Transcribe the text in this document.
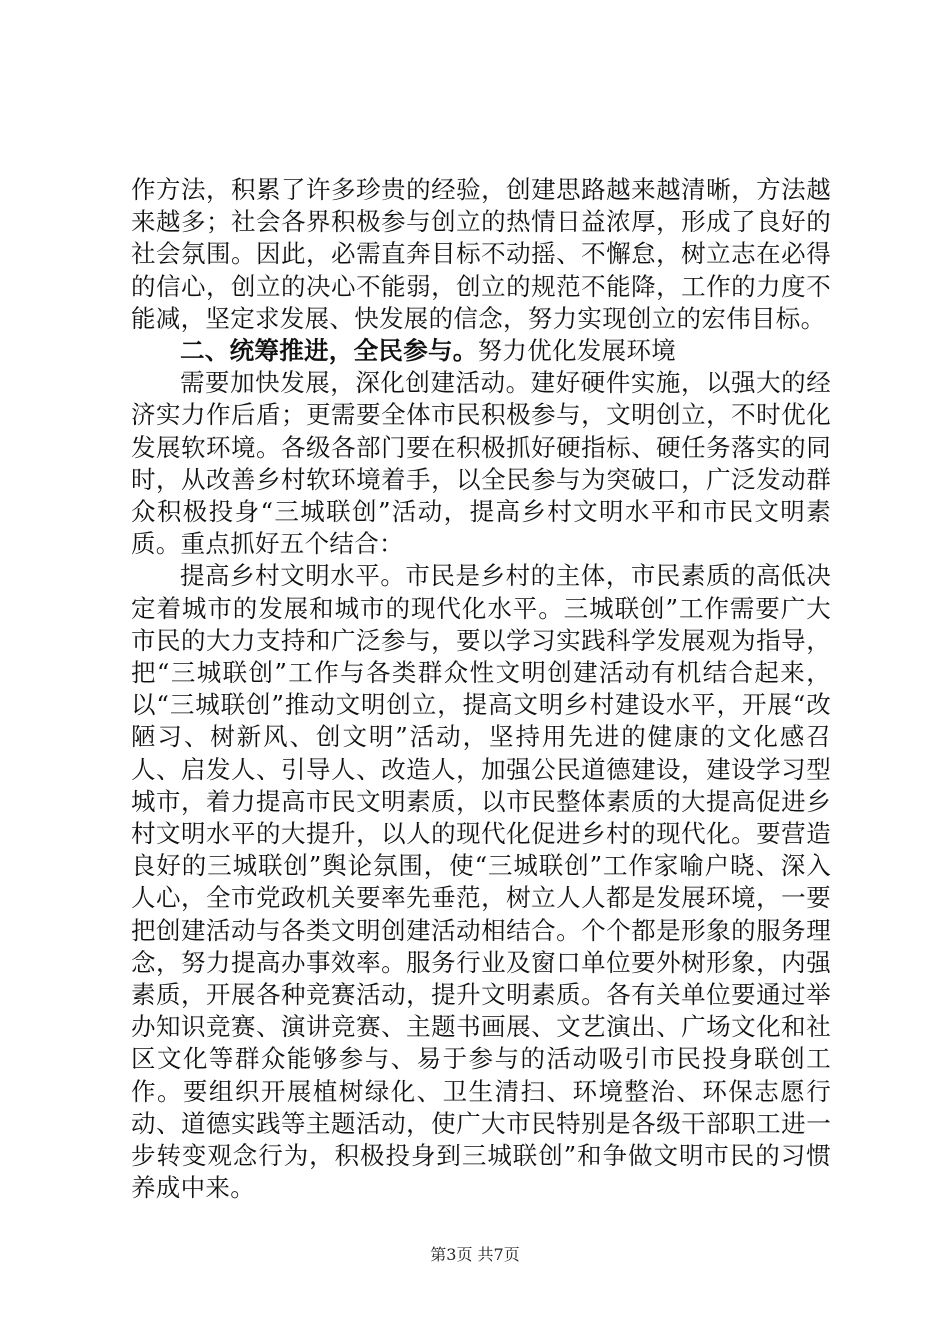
作方法，积累了许多珍贵的经验，创建思路越来越清晰，方法越来越多；社会各界积极参与创立的热情日益浓厚，形成了良好的社会氛围。因此，必需直奔目标不动摇、不懈怠，树立志在必得的信心，创立的决心不能弱，创立的规范不能降，工作的力度不能减，坚定求发展、快发展的信念，努力实现创立的宏伟目标。

二、统筹推进，全民参与。努力优化发展环境

需要加快发展，深化创建活动。建好硬件实施，以强大的经济实力作后盾；更需要全体市民积极参与，文明创立，不时优化发展软环境。各级各部门要在积极抓好硬指标、硬任务落实的同时，从改善乡村软环境着手，以全民参与为突破口，广泛发动群众积极投身“三城联创”活动，提高乡村文明水平和市民文明素质。重点抓好五个结合：

提高乡村文明水平。市民是乡村的主体，市民素质的高低决定着城市的发展和城市的现代化水平。三城联创”工作需要广大市民的大力支持和广泛参与，要以学习实践科学发展观为指导，把“三城联创”工作与各类群众性文明创建活动有机结合起来，以“三城联创”推动文明创立，提高文明乡村建设水平，开展“改陋习、树新风、创文明”活动，坚持用先进的健康的文化感召人、启发人、引导人、改造人，加强公民道德建设，建设学习型城市，着力提高市民文明素质，以市民整体素质的大提高促进乡村文明水平的大提升，以人的现代化促进乡村的现代化。要营造良好的三城联创”舆论氛围，使“三城联创”工作家喻户晓、深入人心，全市党政机关要率先垂范，树立人人都是发展环境，一要把创建活动与各类文明创建活动相结合。个个都是形象的服务理念，努力提高办事效率。服务行业及窗口单位要外树形象，内强素质，开展各种竞赛活动，提升文明素质。各有关单位要通过举办知识竞赛、演讲竞赛、主题书画展、文艺演出、广场文化和社区文化等群众能够参与、易于参与的活动吸引市民投身联创工作。要组织开展植树绿化、卫生清扫、环境整治、环保志愿行动、道德实践等主题活动，使广大市民特别是各级干部职工进一步转变观念行为，积极投身到三城联创”和争做文明市民的习惯养成中来。

第3页 共7页
